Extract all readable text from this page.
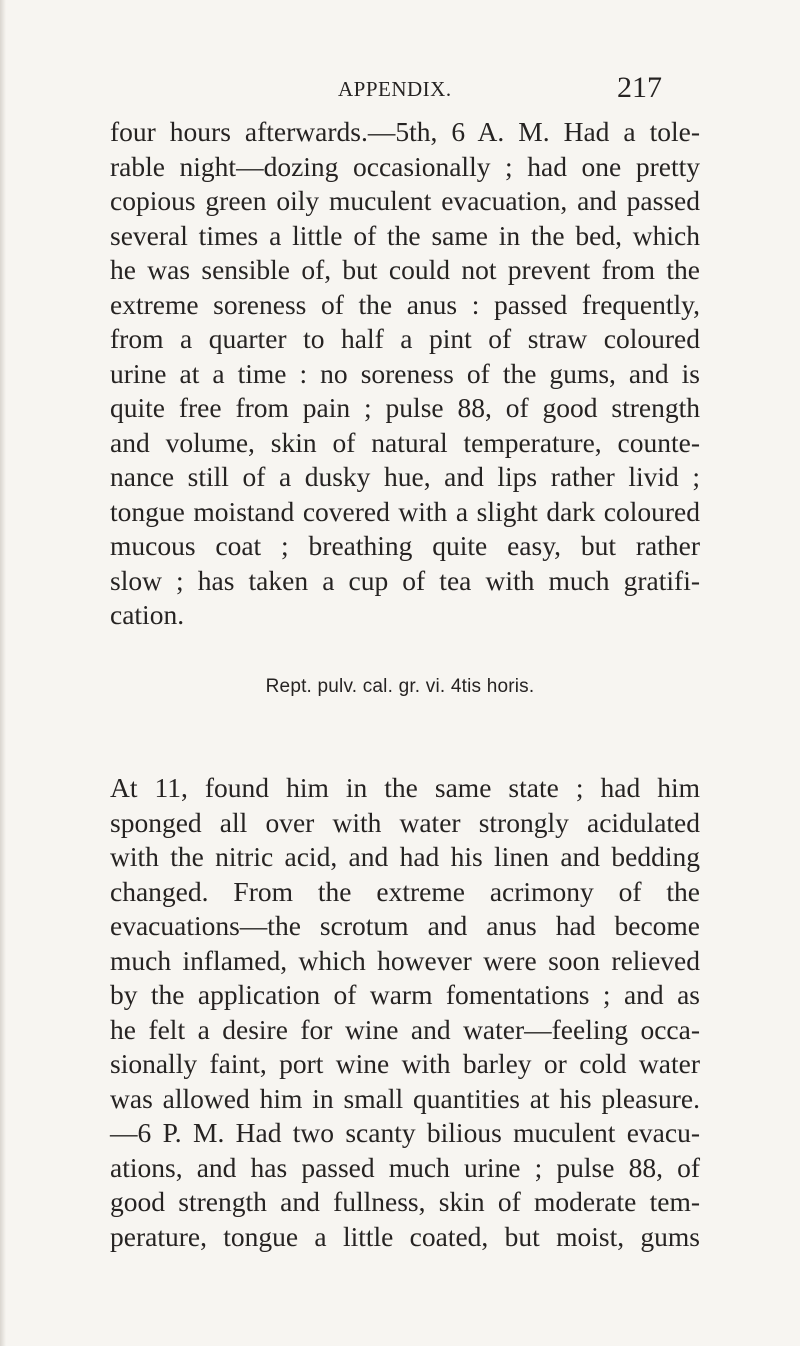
APPENDIX.	217
four hours afterwards.—5th, 6 A. M. Had a tole-
rable night—dozing occasionally ; had one pretty
copious green oily muculent evacuation, and passed
several times a little of the same in the bed, which
he was sensible of, but could not prevent from the
extreme soreness of the anus : passed frequently,
from a quarter to half a pint of straw coloured
urine at a time : no soreness of the gums, and is
quite free from pain ; pulse 88, of good strength
and volume, skin of natural temperature, counte-
nance still of a dusky hue, and lips rather livid ;
tongue moistand covered with a slight dark coloured
mucous coat ; breathing quite easy, but rather
slow ; has taken a cup of tea with much gratifi-
cation.
Rept. pulv. cal. gr. vi. 4tis horis.
At 11, found him in the same state ; had him
sponged all over with water strongly acidulated
with the nitric acid, and had his linen and bedding
changed. From the extreme acrimony of the
evacuations—the scrotum and anus had become
much inflamed, which however were soon relieved
by the application of warm fomentations ; and as
he felt a desire for wine and water—feeling occa-
sionally faint, port wine with barley or cold water
was allowed him in small quantities at his pleasure.
—6 P. M. Had two scanty bilious muculent evacu-
ations, and has passed much urine ; pulse 88, of
good strength and fullness, skin of moderate tem-
perature, tongue a little coated, but moist, gums
